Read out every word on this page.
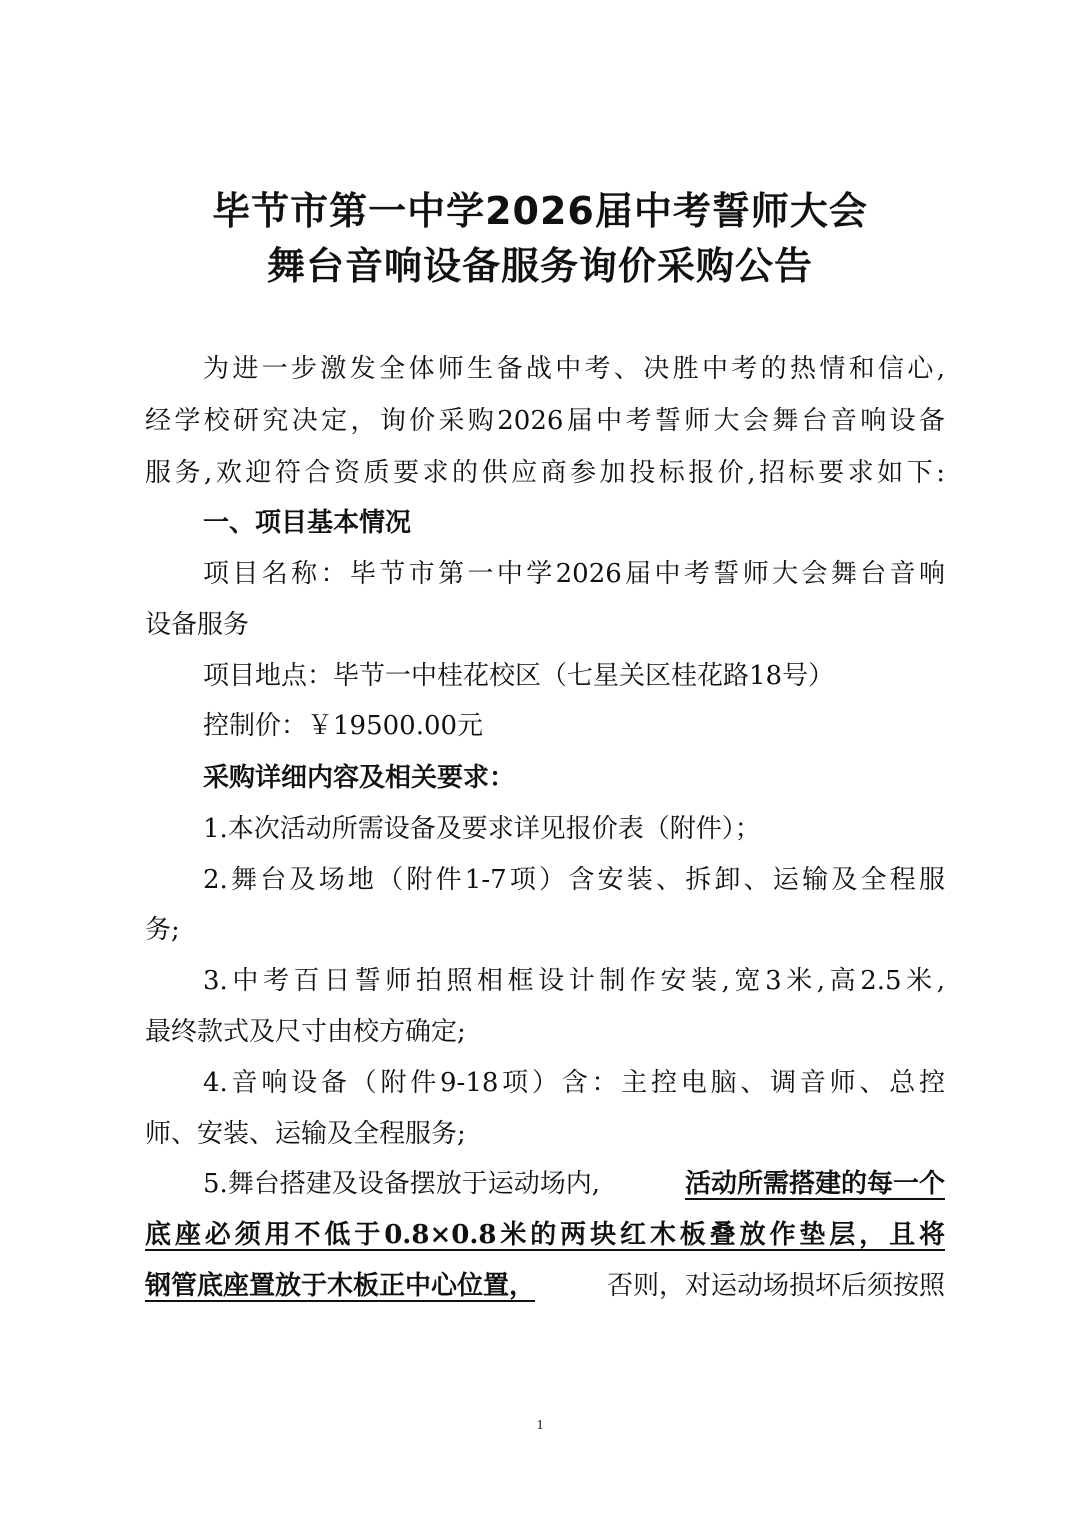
毕节市第一中学2026届中考誓师大会
舞台音响设备服务询价采购公告
为进一步激发全体师生备战中考、决胜中考的热情和信心,
经学校研究决定，询价采购2026届中考誓师大会舞台音响设备
服务,欢迎符合资质要求的供应商参加投标报价,招标要求如下:
一、项目基本情况
项目名称：毕节市第一中学2026届中考誓师大会舞台音响
设备服务
项目地点：毕节一中桂花校区（七星关区桂花路18号）
控制价：￥19500.00元
采购详细内容及相关要求：
1.本次活动所需设备及要求详见报价表（附件）；
2.舞台及场地（附件1-7项）含安装、拆卸、运输及全程服
务;
3.中考百日誓师拍照相框设计制作安装,宽3米,高2.5米,
最终款式及尺寸由校方确定;
4.音响设备（附件9-18项）含：主控电脑、调音师、总控
师、安装、运输及全程服务;
5.舞台搭建及设备摆放于运动场内,	活动所需搭建的每一个
底座必须用不低于0.8×0.8米的两块红木板叠放作垫层，且将
钢管底座置放于木板正中心位置，	否则，对运动场损坏后须按照
1
